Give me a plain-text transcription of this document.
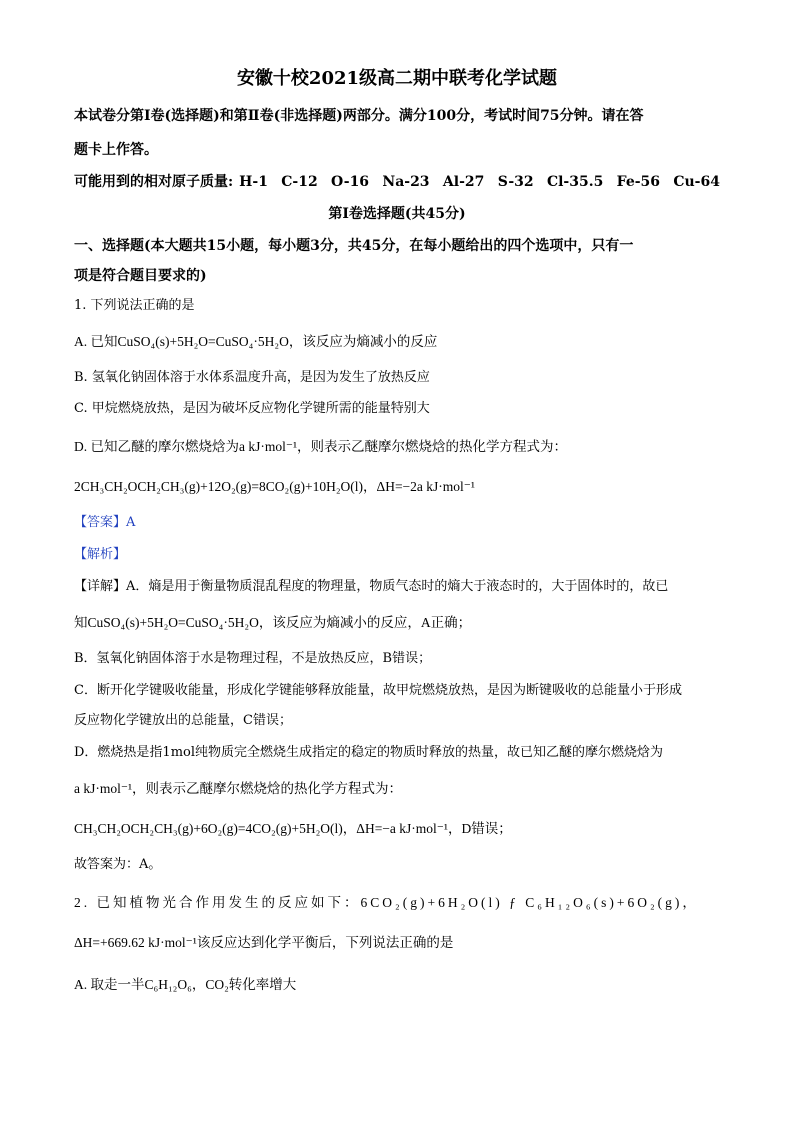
安徽十校2021级高二期中联考化学试题
本试卷分第Ⅰ卷(选择题)和第Ⅱ卷(非选择题)两部分。满分100分，考试时间75分钟。请在答
题卡上作答。
可能用到的相对原子质量: H-1 C-12 O-16 Na-23 Al-27 S-32 Cl-35.5 Fe-56 Cu-64
第Ⅰ卷选择题(共45分)
一、选择题(本大题共15小题，每小题3分，共45分，在每小题给出的四个选项中，只有一
项是符合题目要求的)
1. 下列说法正确的是
A. 已知CuSO₄(s)+5H₂O=CuSO₄·5H₂O，该反应为熵减小的反应
B. 氢氧化钠固体溶于水体系温度升高，是因为发生了放热反应
C. 甲烷燃烧放热，是因为破坏反应物化学键所需的能量特别大
D. 已知乙醚的摩尔燃烧焓为a kJ·mol⁻¹，则表示乙醚摩尔燃烧焓的热化学方程式为：
2CH₃CH₂OCH₂CH₃(g)+12O₂(g)=8CO₂(g)+10H₂O(l)，ΔH=−2a kJ·mol⁻¹
【答案】A
【解析】
【详解】A．熵是用于衡量物质混乱程度的物理量，物质气态时的熵大于液态时的，大于固体时的，故已
知CuSO₄(s)+5H₂O=CuSO₄·5H₂O，该反应为熵减小的反应，A正确；
B．氢氧化钠固体溶于水是物理过程，不是放热反应，B错误；
C．断开化学键吸收能量，形成化学键能够释放能量，故甲烷燃烧放热，是因为断键吸收的总能量小于形成
反应物化学键放出的总能量，C错误；
D．燃烧热是指1mol纯物质完全燃烧生成指定的稳定的物质时释放的热量，故已知乙醚的摩尔燃烧焓为
a kJ·mol⁻¹，则表示乙醚摩尔燃烧焓的热化学方程式为：
CH₃CH₂OCH₂CH₃(g)+6O₂(g)=4CO₂(g)+5H₂O(l)，ΔH=−a kJ·mol⁻¹，D错误；
故答案为：A。
2. 已知植物光合作用发生的反应如下：6CO₂(g)+6H₂O(l) ƒ C₆H₁₂O₆(s)+6O₂(g)，
ΔH=+669.62 kJ·mol⁻¹该反应达到化学平衡后，下列说法正确的是
A. 取走一半C₆H₁₂O₆，CO₂转化率增大
